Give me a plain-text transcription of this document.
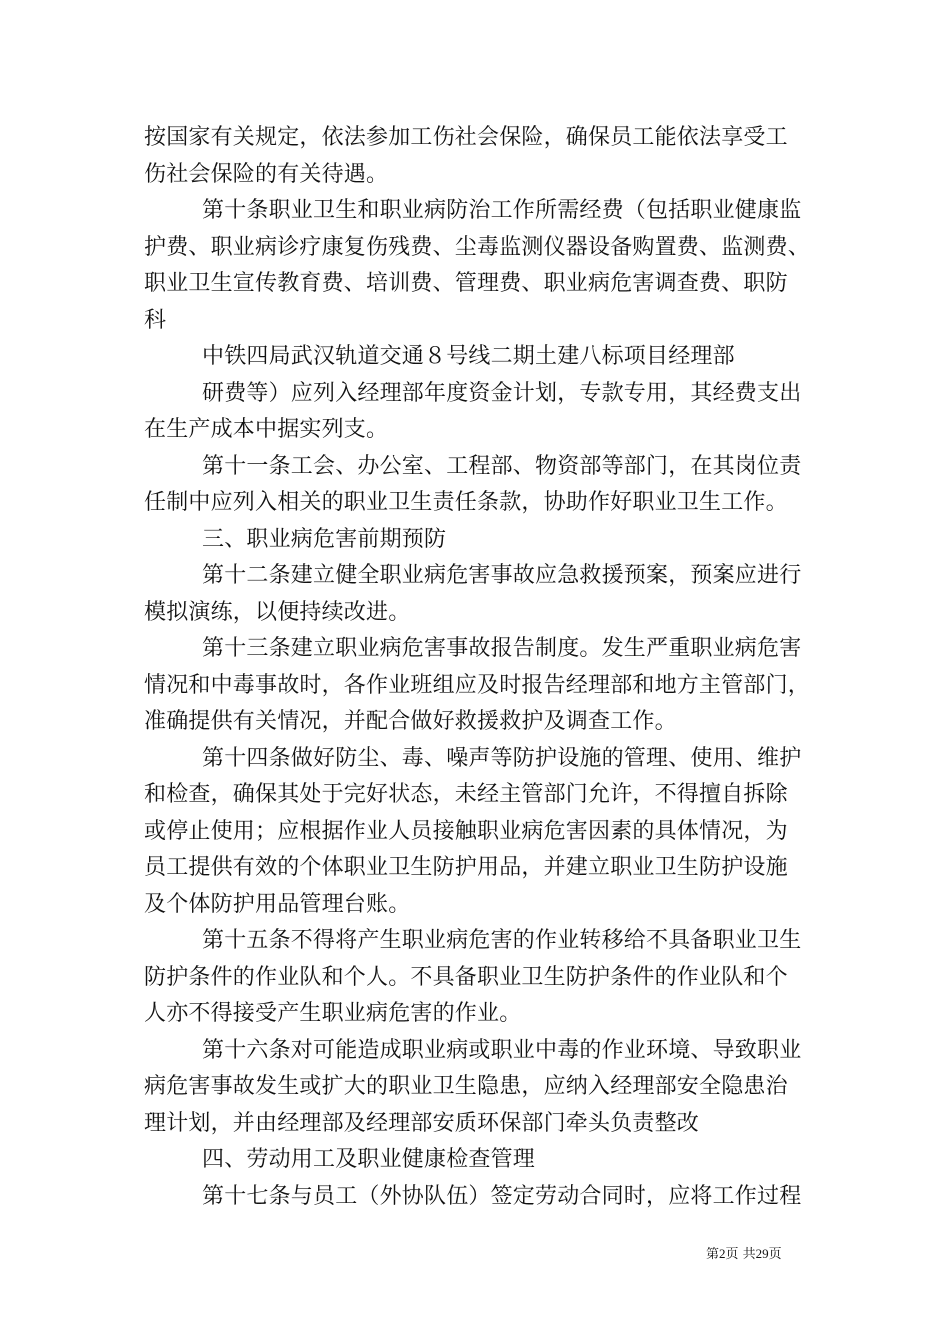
按国家有关规定，依法参加工伤社会保险，确保员工能依法享受工
伤社会保险的有关待遇。
第十条职业卫生和职业病防治工作所需经费（包括职业健康监
护费、职业病诊疗康复伤残费、尘毒监测仪器设备购置费、监测费、
职业卫生宣传教育费、培训费、管理费、职业病危害调查费、职防
科
中铁四局武汉轨道交通８号线二期土建八标项目经理部
研费等）应列入经理部年度资金计划，专款专用，其经费支出
在生产成本中据实列支。
第十一条工会、办公室、工程部、物资部等部门，在其岗位责
任制中应列入相关的职业卫生责任条款，协助作好职业卫生工作。
三、职业病危害前期预防
第十二条建立健全职业病危害事故应急救援预案，预案应进行
模拟演练，以便持续改进。
第十三条建立职业病危害事故报告制度。发生严重职业病危害
情况和中毒事故时，各作业班组应及时报告经理部和地方主管部门，
准确提供有关情况，并配合做好救援救护及调查工作。
第十四条做好防尘、毒、噪声等防护设施的管理、使用、维护
和检查，确保其处于完好状态，未经主管部门允许，不得擅自拆除
或停止使用；应根据作业人员接触职业病危害因素的具体情况，为
员工提供有效的个体职业卫生防护用品，并建立职业卫生防护设施
及个体防护用品管理台账。
第十五条不得将产生职业病危害的作业转移给不具备职业卫生
防护条件的作业队和个人。不具备职业卫生防护条件的作业队和个
人亦不得接受产生职业病危害的作业。
第十六条对可能造成职业病或职业中毒的作业环境、导致职业
病危害事故发生或扩大的职业卫生隐患，应纳入经理部安全隐患治
理计划，并由经理部及经理部安质环保部门牵头负责整改
四、劳动用工及职业健康检查管理
第十七条与员工（外协队伍）签定劳动合同时，应将工作过程
第2页 共29页
